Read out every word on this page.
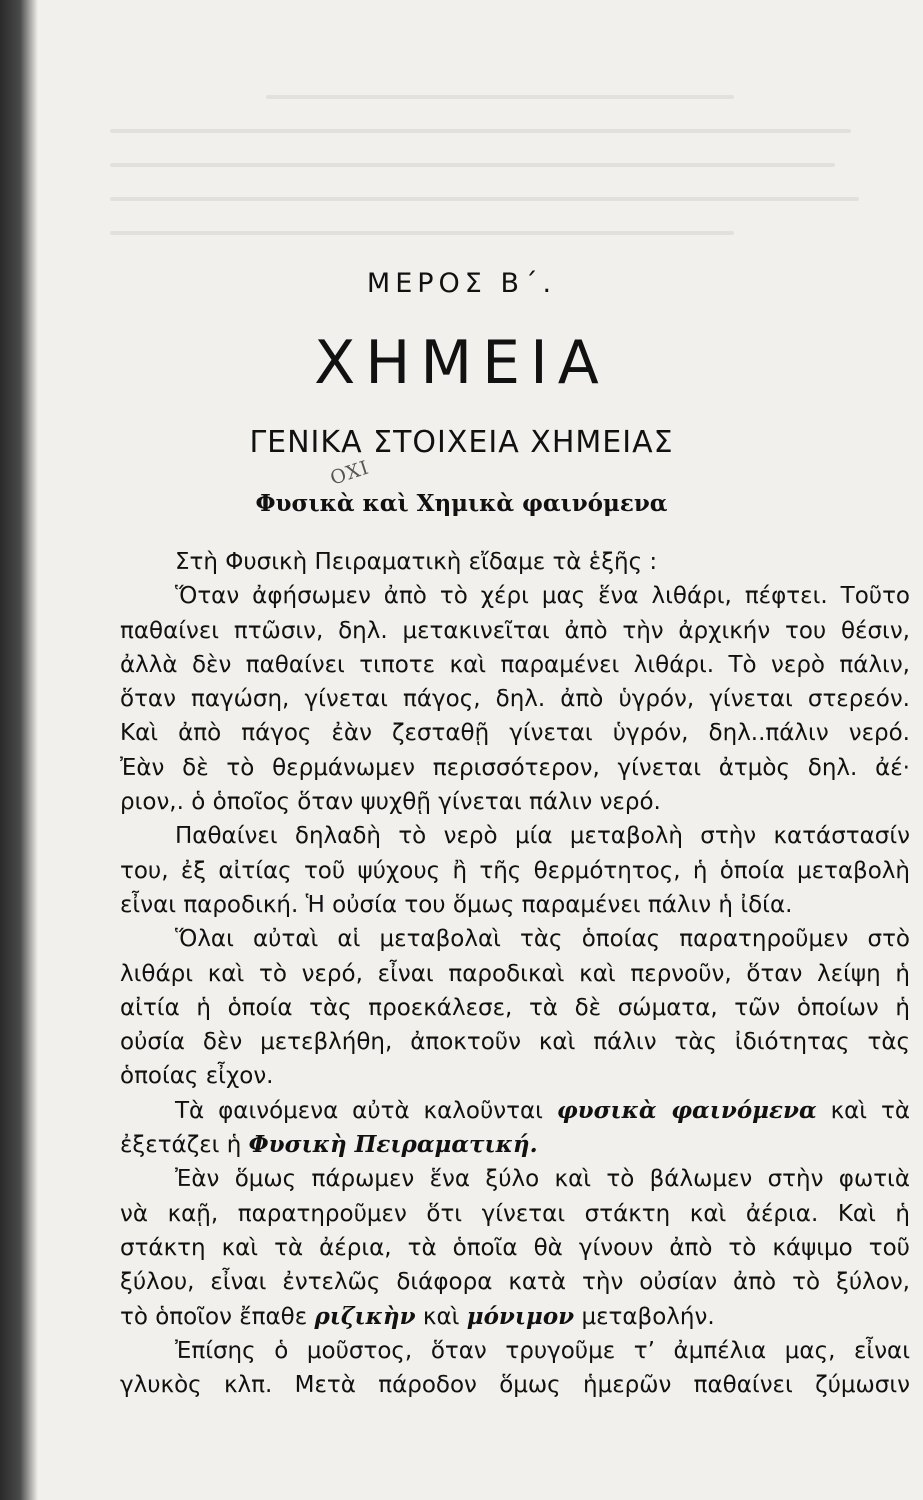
ΜΕΡΟΣ Β΄.
ΧΗΜΕΙΑ
ΓΕΝΙΚΑ ΣΤΟΙΧΕΙΑ ΧΗΜΕΙΑΣ
ΟΧΙ
Φυσικὰ καὶ Χημικὰ φαινόμενα
Στὴ Φυσικὴ Πειραματικὴ εἴδαμε τὰ ἑξῆς :
Ὅταν ἀφήσωμεν ἀπὸ τὸ χέρι μας ἕνα λιθάρι, πέφτει. Τοῦτο
παθαίνει πτῶσιν, δηλ. μετακινεῖται ἀπὸ τὴν ἀρχικήν του θέσιν,
ἀλλὰ δὲν παθαίνει τιποτε καὶ παραμένει λιθάρι. Τὸ νερὸ πάλιν,
ὅταν παγώση, γίνεται πάγος, δηλ. ἀπὸ ὑγρόν, γίνεται στερεόν.
Καὶ ἀπὸ πάγος ἐὰν ζεσταθῇ γίνεται ὑγρόν, δηλ..πάλιν νερό.
Ἐὰν δὲ τὸ θερμάνωμεν περισσότερον, γίνεται ἀτμὸς δηλ. ἀέ·
ριον,. ὁ ὁποῖος ὅταν ψυχθῇ γίνεται πάλιν νερό.
Παθαίνει δηλαδὴ τὸ νερὸ μία μεταβολὴ στὴν κατάστασίν
του, ἐξ αἰτίας τοῦ ψύχους ἢ τῆς θερμότητος, ἡ ὁποία μεταβολὴ
εἶναι παροδική. Ἡ οὐσία του ὅμως παραμένει πάλιν ἡ ἰδία.
Ὅλαι αὐταὶ αἱ μεταβολαὶ τὰς ὁποίας παρατηροῦμεν στὸ
λιθάρι καὶ τὸ νερό, εἶναι παροδικαὶ καὶ περνοῦν, ὅταν λείψη ἡ
αἰτία ἡ ὁποία τὰς προεκάλεσε, τὰ δὲ σώματα, τῶν ὁποίων ἡ
οὐσία δὲν μετεβλήθη, ἀποκτοῦν καὶ πάλιν τὰς ἰδιότητας τὰς
ὁποίας εἶχον.
Τὰ φαινόμενα αὐτὰ καλοῦνται φυσικὰ φαινόμενα καὶ τὰ
ἐξετάζει ἡ Φυσικὴ Πειραματική.
Ἐὰν ὅμως πάρωμεν ἕνα ξύλο καὶ τὸ βάλωμεν στὴν φωτιὰ
νὰ καῇ, παρατηροῦμεν ὅτι γίνεται στάκτη καὶ ἀέρια. Καὶ ἡ
στάκτη καὶ τὰ ἀέρια, τὰ ὁποῖα θὰ γίνουν ἀπὸ τὸ κάψιμο τοῦ
ξύλου, εἶναι ἐντελῶς διάφορα κατὰ τὴν οὐσίαν ἀπὸ τὸ ξύλον,
τὸ ὁποῖον ἔπαθε ριζικὴν καὶ μόνιμον μεταβολήν.
Ἐπίσης ὁ μοῦστος, ὅταν τρυγοῦμε τ’ ἀμπέλια μας, εἶναι
γλυκὸς κλπ. Μετὰ πάροδον ὅμως ἡμερῶν παθαίνει ζύμωσιν
